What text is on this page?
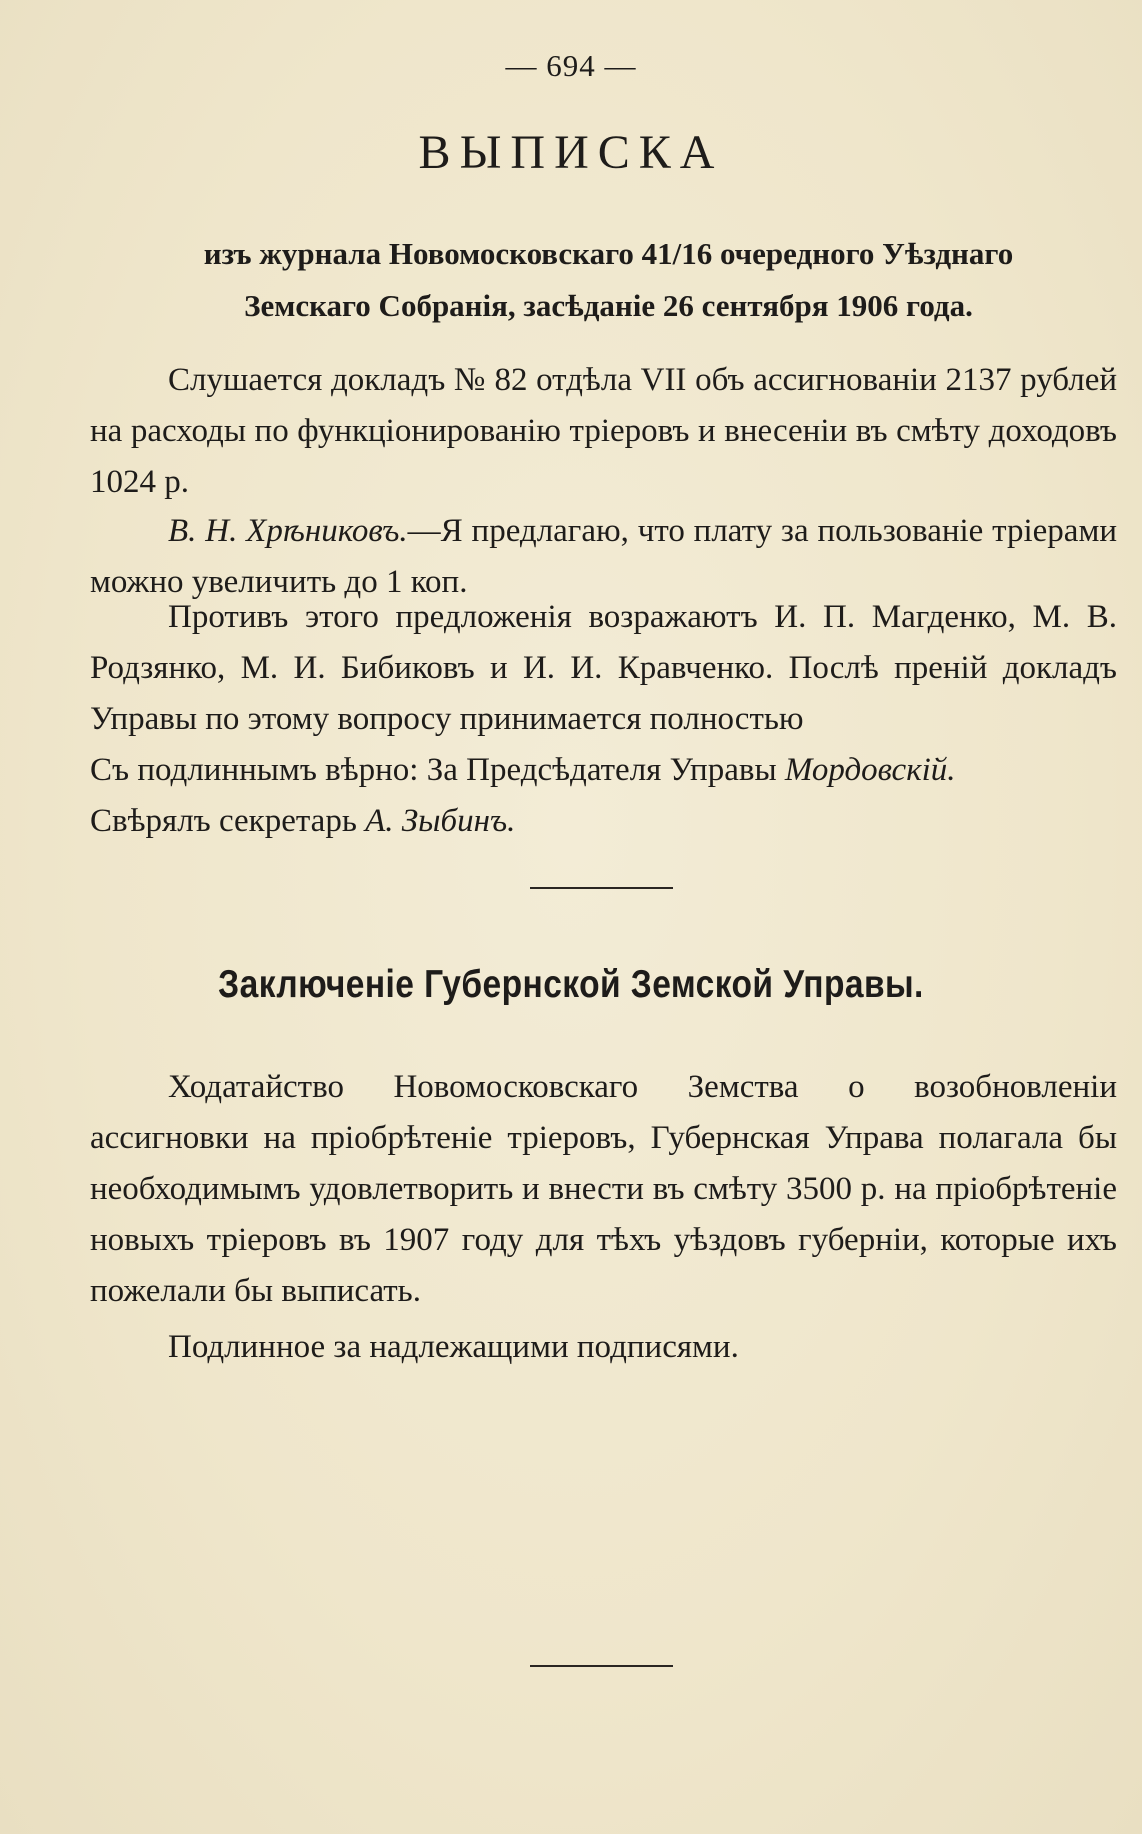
— 694 —
ВЫПИСКА
изъ журнала Новомосковскаго 41/16 очередного Уѣзднаго
Земскаго Собранія, засѣданіе 26 сентября 1906 года.

Слушается докладъ № 82 отдѣла VII объ ассигнованіи 2137 рублей на расходы по функціонированію тріеровъ и внесеніи въ смѣту доходовъ 1024 р.

В. Н. Хрѣниковъ.—Я предлагаю, что плату за пользованіе тріерами можно увеличить до 1 коп.

Противъ этого предложенія возражаютъ И. П. Магденко, М. В. Родзянко, М. И. Бибиковъ и И. И. Кравченко. Послѣ преній докладъ Управы по этому вопросу принимается полностью
Съ подлиннымъ вѣрно: За Предсѣдателя Управы Мордовскій.
Свѣрялъ секретарь А. Зыбинъ.

Заключеніе Губернской Земской Управы.

Ходатайство Новомосковскаго Земства о возобновленіи ассигновки на пріобрѣтеніе тріеровъ, Губернская Управа полагала бы необходимымъ удовлетворить и внести въ смѣту 3500 р. на пріобрѣтеніе новыхъ тріеровъ въ 1907 году для тѣхъ уѣздовъ губерніи, которые ихъ пожелали бы выписать.

Подлинное за надлежащими подписями.
